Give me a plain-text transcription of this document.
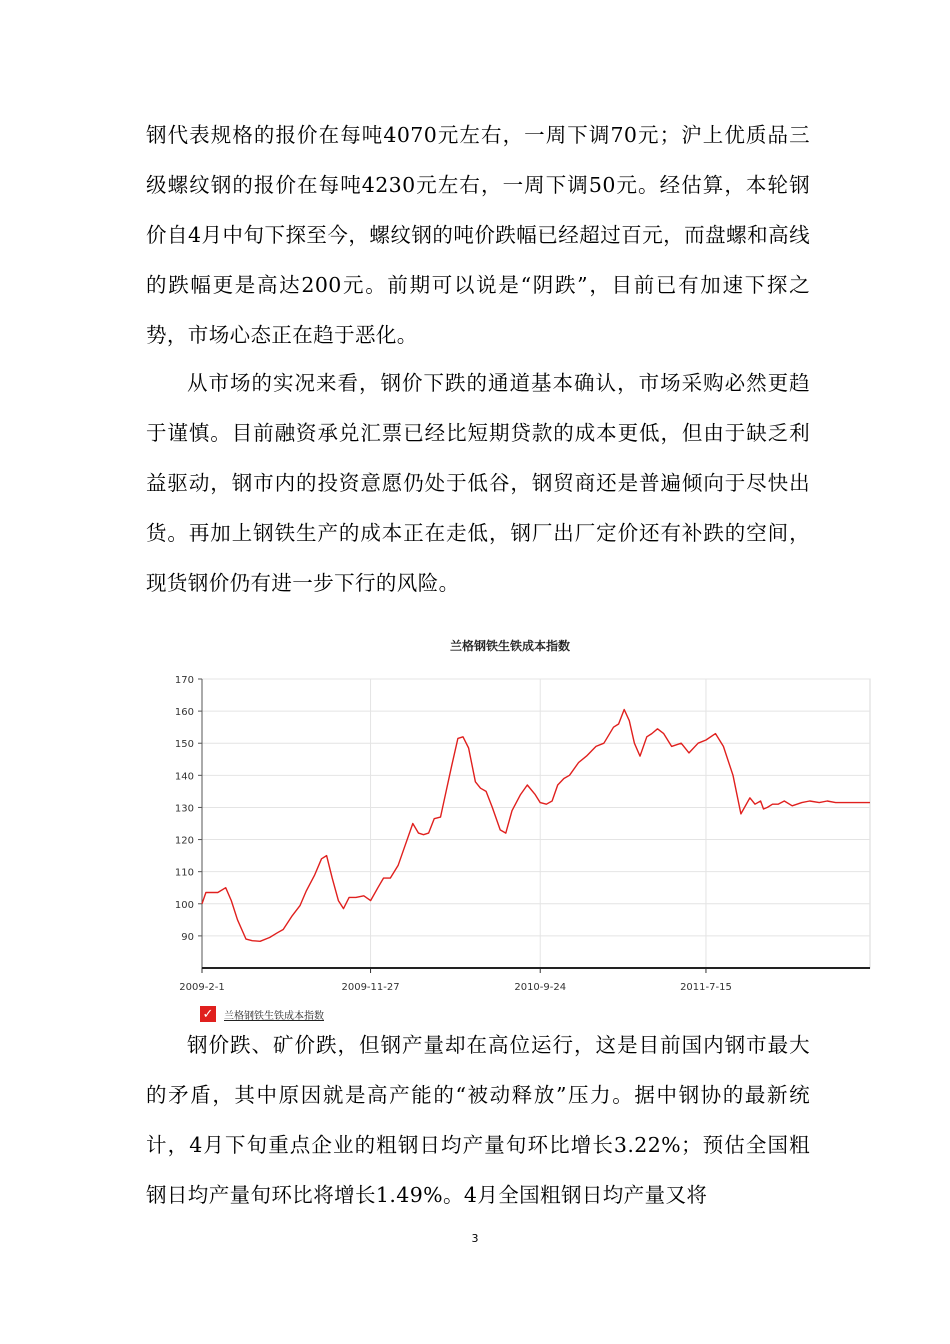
钢代表规格的报价在每吨4070元左右，一周下调70元；沪上优质品三级螺纹钢的报价在每吨4230元左右，一周下调50元。经估算，本轮钢价自4月中旬下探至今，螺纹钢的吨价跌幅已经超过百元，而盘螺和高线的跌幅更是高达200元。前期可以说是“阴跌”，目前已有加速下探之势，市场心态正在趋于恶化。

从市场的实况来看，钢价下跌的通道基本确认，市场采购必然更趋于谨慎。目前融资承兑汇票已经比短期贷款的成本更低，但由于缺乏利益驱动，钢市内的投资意愿仍处于低谷，钢贸商还是普遍倾向于尽快出货。再加上钢铁生产的成本正在走低，钢厂出厂定价还有补跌的空间，现货钢价仍有进一步下行的风险。

兰格钢铁生铁成本指数
90
100
110
120
130
140
150
160
170
2009-2-1	2009-11-27	2010-9-24	2011-7-15
✓ 兰格钢铁生铁成本指数

钢价跌、矿价跌，但钢产量却在高位运行，这是目前国内钢市最大的矛盾，其中原因就是高产能的“被动释放”压力。据中钢协的最新统计，4月下旬重点企业的粗钢日均产量旬环比增长3.22%；预估全国粗钢日均产量旬环比将增长1.49%。4月全国粗钢日均产量又将

3
